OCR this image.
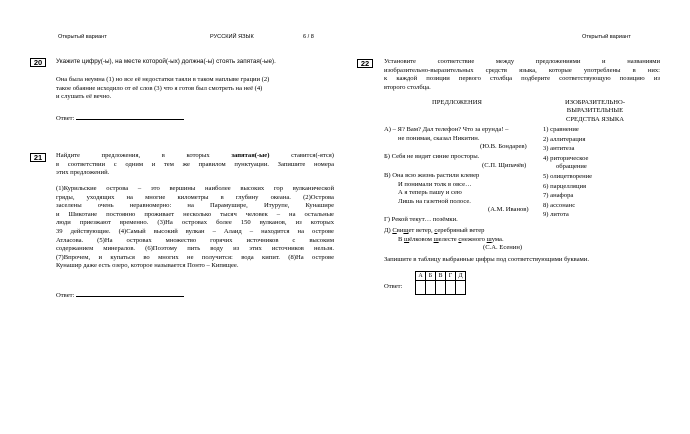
Открытый вариант	РУССКИЙ ЯЗЫК	6 / 8	Открытый вариант
20 Укажите цифру(-ы), на месте которой(-ых) должна(-ы) стоять запятая(-ые).
Она была неумна (1) но все её недостатки таяли в таком наплыве грации (2)
такое обаяние исходило от её слов (3) что я готов был смотреть на неё (4)
и слушать её вечно.
Ответ:
21 Найдите предложения, в которых запятая(-ые) ставится(-ятся)
в соответствии с одним и тем же правилом пунктуации. Запишите номера
этих предложений.
(1)Курильские острова – это вершины наиболее высоких гор вулканической
гряды, уходящих на многие километры в глубину океана. (2)Острова
заселены очень неравномерно: на Парамушире, Итурупе, Кунашире
и Шикотане постоянно проживает несколько тысяч человек – на остальные
люди приезжают временно. (3)На островах более 150 вулканов, из которых
39 действующие. (4)Самый высокий вулкан – Алаид – находится на острове
Атласова. (5)На островах множество горячих источников с высоким
содержанием минералов. (6)Поэтому пить воду из этих источников нельзя.
(7)Впрочем, и купаться во многих не получится: вода кипит. (8)На острове
Кунашир даже есть озеро, которое называется Понто – Кипящее.
Ответ:
22 Установите соответствие между предложениями и названиями
изобразительно-выразительных средств языка, которые употреблены в них:
к каждой позиции первого столбца подберите соответствующую позицию из
второго столбца.
ПРЕДЛОЖЕНИЯ	ИЗОБРАЗИТЕЛЬНО-
ВЫРАЗИТЕЛЬНЫЕ
СРЕДСТВА ЯЗЫКА
А) – Я? Вам? Дал телефон? Что за ерунда! –
не понимая, сказал Никитин.
(Ю.В. Бондарев)
Б) Себя не видят синие просторы.
(С.П. Щипачёв)
В) Она всю жизнь растили клевер
И понимали толк в овсе…
А я теперь пашу и сею
Лишь на газетной полосе.
(А.М. Иванов)
Г) Рекой текут… позёмки.
Д) Свищет ветер, серебряный ветер
В шёлковом шелесте снежного шума.
(С.А. Есенин)
1) сравнение
2) аллитерация
3) антитеза
4) риторическое
обращение
5) олицетворение
6) парцелляция
7) анафора
8) ассонанс
9) литота
Запишите в таблицу выбранные цифры под соответствующими буквами.
Ответ:
А	Б	В	Г	Д
